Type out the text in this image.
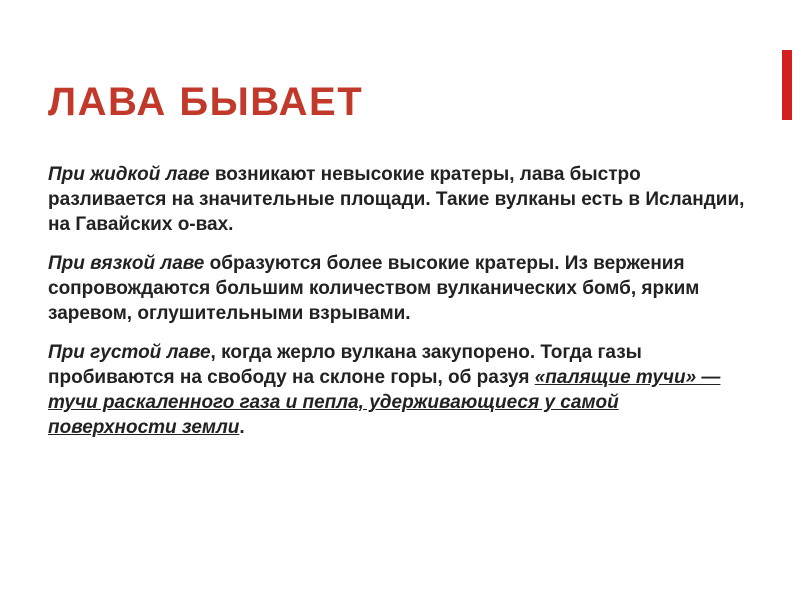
ЛАВА БЫВАЕТ

При жидкой лаве возникают невысокие кратеры, лава быстро разливается на значительные площади. Такие вулканы есть в Исландии, на Гавайских о-вах.

При вязкой лаве образуются более высокие кратеры. Из вержения сопровождаются большим количеством вулканических бомб, ярким заревом, оглушительными взрывами.

При густой лаве, когда жерло вулкана закупорено. Тогда газы пробиваются на свободу на склоне горы, об разуя «палящие тучи» — тучи раскаленного газа и пепла, удерживающиеся у самой поверхности земли.
